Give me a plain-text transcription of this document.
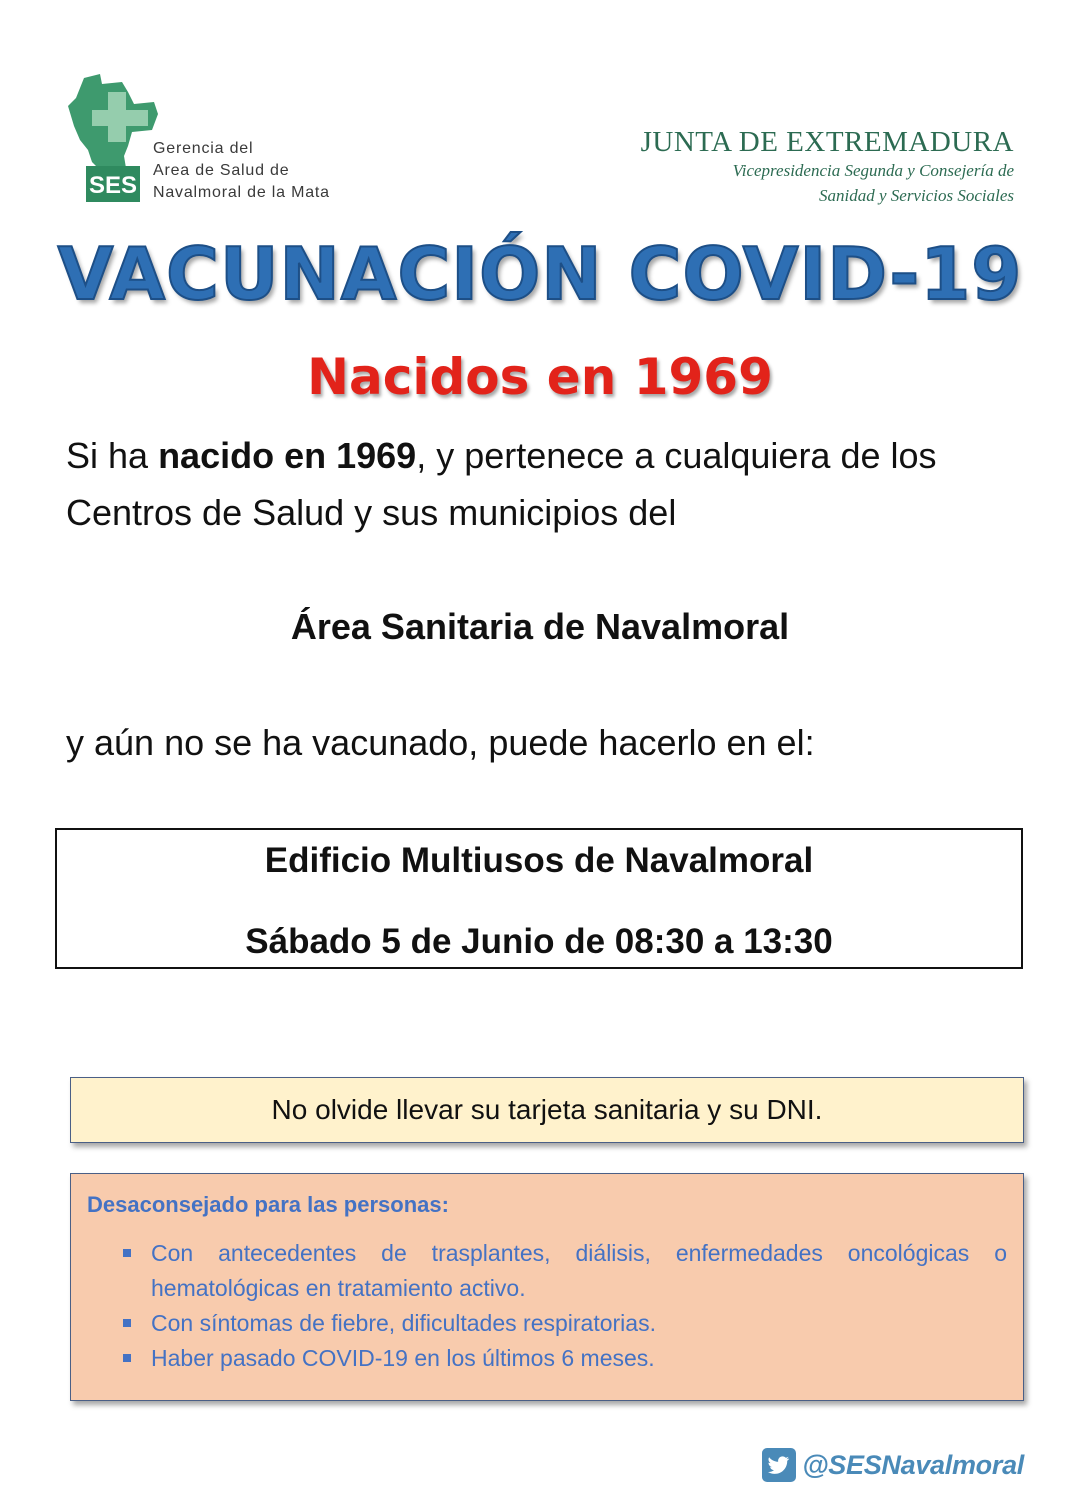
SES
Gerencia del
Area de Salud de
Navalmoral de la Mata
JUNTA DE EXTREMADURA
Vicepresidencia Segunda y Consejería de
Sanidad y Servicios Sociales
VACUNACIÓN COVID-19
Nacidos en 1969
Si ha nacido en 1969, y pertenece a cualquiera de los Centros de Salud y sus municipios del
Área Sanitaria de Navalmoral
y aún no se ha vacunado, puede hacerlo en el:
Edificio Multiusos de Navalmoral
Sábado 5 de Junio de 08:30 a 13:30
No olvide llevar su tarjeta sanitaria y su DNI.
Desaconsejado para las personas:
Con antecedentes de trasplantes, diálisis, enfermedades oncológicas o hematológicas en tratamiento activo.
Con síntomas de fiebre, dificultades respiratorias.
Haber pasado COVID-19 en los últimos 6 meses.
@SESNavalmoral
